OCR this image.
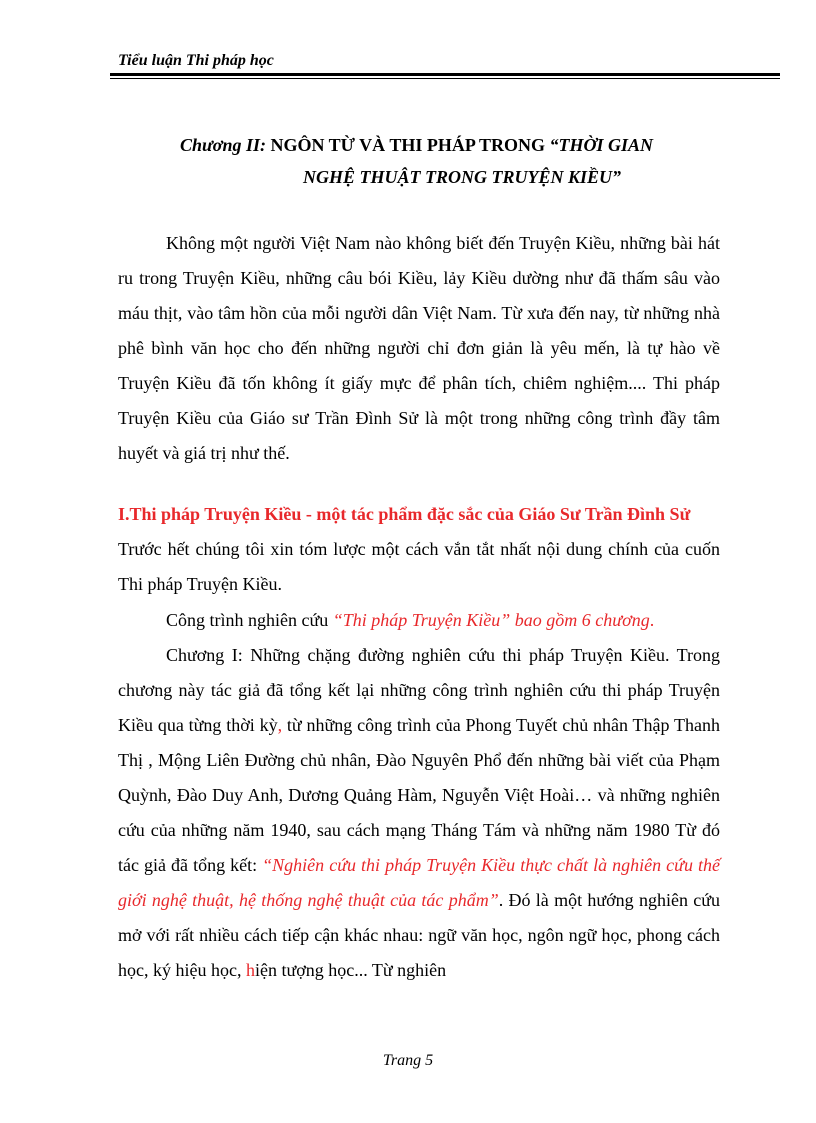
Tiểu luận Thi pháp học
Chương II: NGÔN TỪ VÀ THI PHÁP TRONG “THỜI GIAN
NGHỆ THUẬT TRONG TRUYỆN KIỀU”

Không một người Việt Nam nào không biết đến Truyện Kiều, những bài hát ru trong Truyện Kiều, những câu bói Kiều, lảy Kiều dường như đã thấm sâu vào máu thịt, vào tâm hồn của mỗi người dân Việt Nam. Từ xưa đến nay, từ những nhà phê bình văn học cho đến những người chỉ đơn giản là yêu mến, là tự hào về Truyện Kiều đã tốn không ít giấy mực để phân tích, chiêm nghiệm.... Thi pháp Truyện Kiều của Giáo sư Trần Đình Sử là một trong những công trình đầy tâm huyết và giá trị như thế.

I.Thi pháp Truyện Kiều - một tác phẩm đặc sắc của Giáo Sư Trần Đình Sử

Trước hết chúng tôi xin tóm lược một cách vắn tắt nhất nội dung chính của cuốn Thi pháp Truyện Kiều.

Công trình nghiên cứu “Thi pháp Truyện Kiều” bao gồm 6 chương.

Chương I: Những chặng đường nghiên cứu thi pháp Truyện Kiều. Trong chương này tác giả đã tổng kết lại những công trình nghiên cứu thi pháp Truyện Kiều qua từng thời kỳ, từ những công trình của Phong Tuyết chủ nhân Thập Thanh Thị , Mộng Liên Đường chủ nhân, Đào Nguyên Phổ đến những bài viết của Phạm Quỳnh, Đào Duy Anh, Dương Quảng Hàm, Nguyễn Việt Hoài… và những nghiên cứu của những năm 1940, sau cách mạng Tháng Tám và những năm 1980 Từ đó tác giả đã tổng kết: “Nghiên cứu thi pháp Truyện Kiều thực chất là nghiên cứu thế giới nghệ thuật, hệ thống nghệ thuật của tác phẩm”. Đó là một hướng nghiên cứu mở với rất nhiều cách tiếp cận khác nhau: ngữ văn học, ngôn ngữ học, phong cách học, ký hiệu học, hiện tượng học... Từ nghiên

Trang 5
